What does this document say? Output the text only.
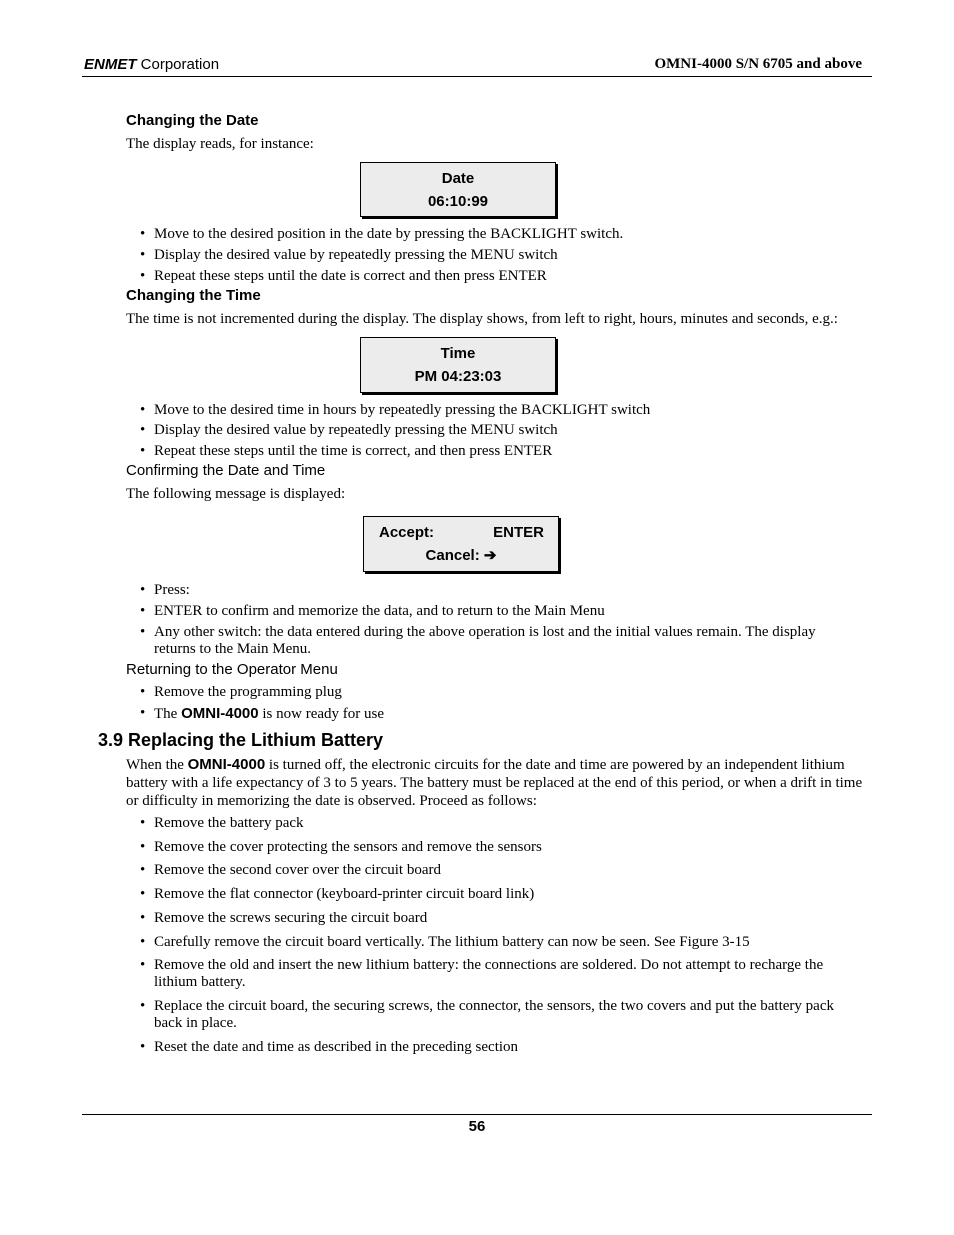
ENMET Corporation	OMNI-4000 S/N 6705 and above
Changing the Date
The display reads, for instance:
Date
06:10:99
• Move to the desired position in the date by pressing the BACKLIGHT switch.
• Display the desired value by repeatedly pressing the MENU switch
• Repeat these steps until the date is correct and then press ENTER
Changing the Time
The time is not incremented during the display. The display shows, from left to right, hours, minutes and seconds, e.g.:
Time
PM 04:23:03
• Move to the desired time in hours by repeatedly pressing the BACKLIGHT switch
• Display the desired value by repeatedly pressing the MENU switch
• Repeat these steps until the time is correct, and then press ENTER
Confirming the Date and Time
The following message is displayed:
Accept:	ENTER
Cancel: ➔
• Press:
• ENTER to confirm and memorize the data, and to return to the Main Menu
• Any other switch: the data entered during the above operation is lost and the initial values remain. The display returns to the Main Menu.
Returning to the Operator Menu
• Remove the programming plug
• The OMNI-4000 is now ready for use
3.9 Replacing the Lithium Battery
When the OMNI-4000 is turned off, the electronic circuits for the date and time are powered by an independent lithium battery with a life expectancy of 3 to 5 years. The battery must be replaced at the end of this period, or when a drift in time or difficulty in memorizing the date is observed. Proceed as follows:
• Remove the battery pack
• Remove the cover protecting the sensors and remove the sensors
• Remove the second cover over the circuit board
• Remove the flat connector (keyboard-printer circuit board link)
• Remove the screws securing the circuit board
• Carefully remove the circuit board vertically. The lithium battery can now be seen. See Figure 3-15
• Remove the old and insert the new lithium battery: the connections are soldered. Do not attempt to recharge the lithium battery.
• Replace the circuit board, the securing screws, the connector, the sensors, the two covers and put the battery pack back in place.
• Reset the date and time as described in the preceding section
56
